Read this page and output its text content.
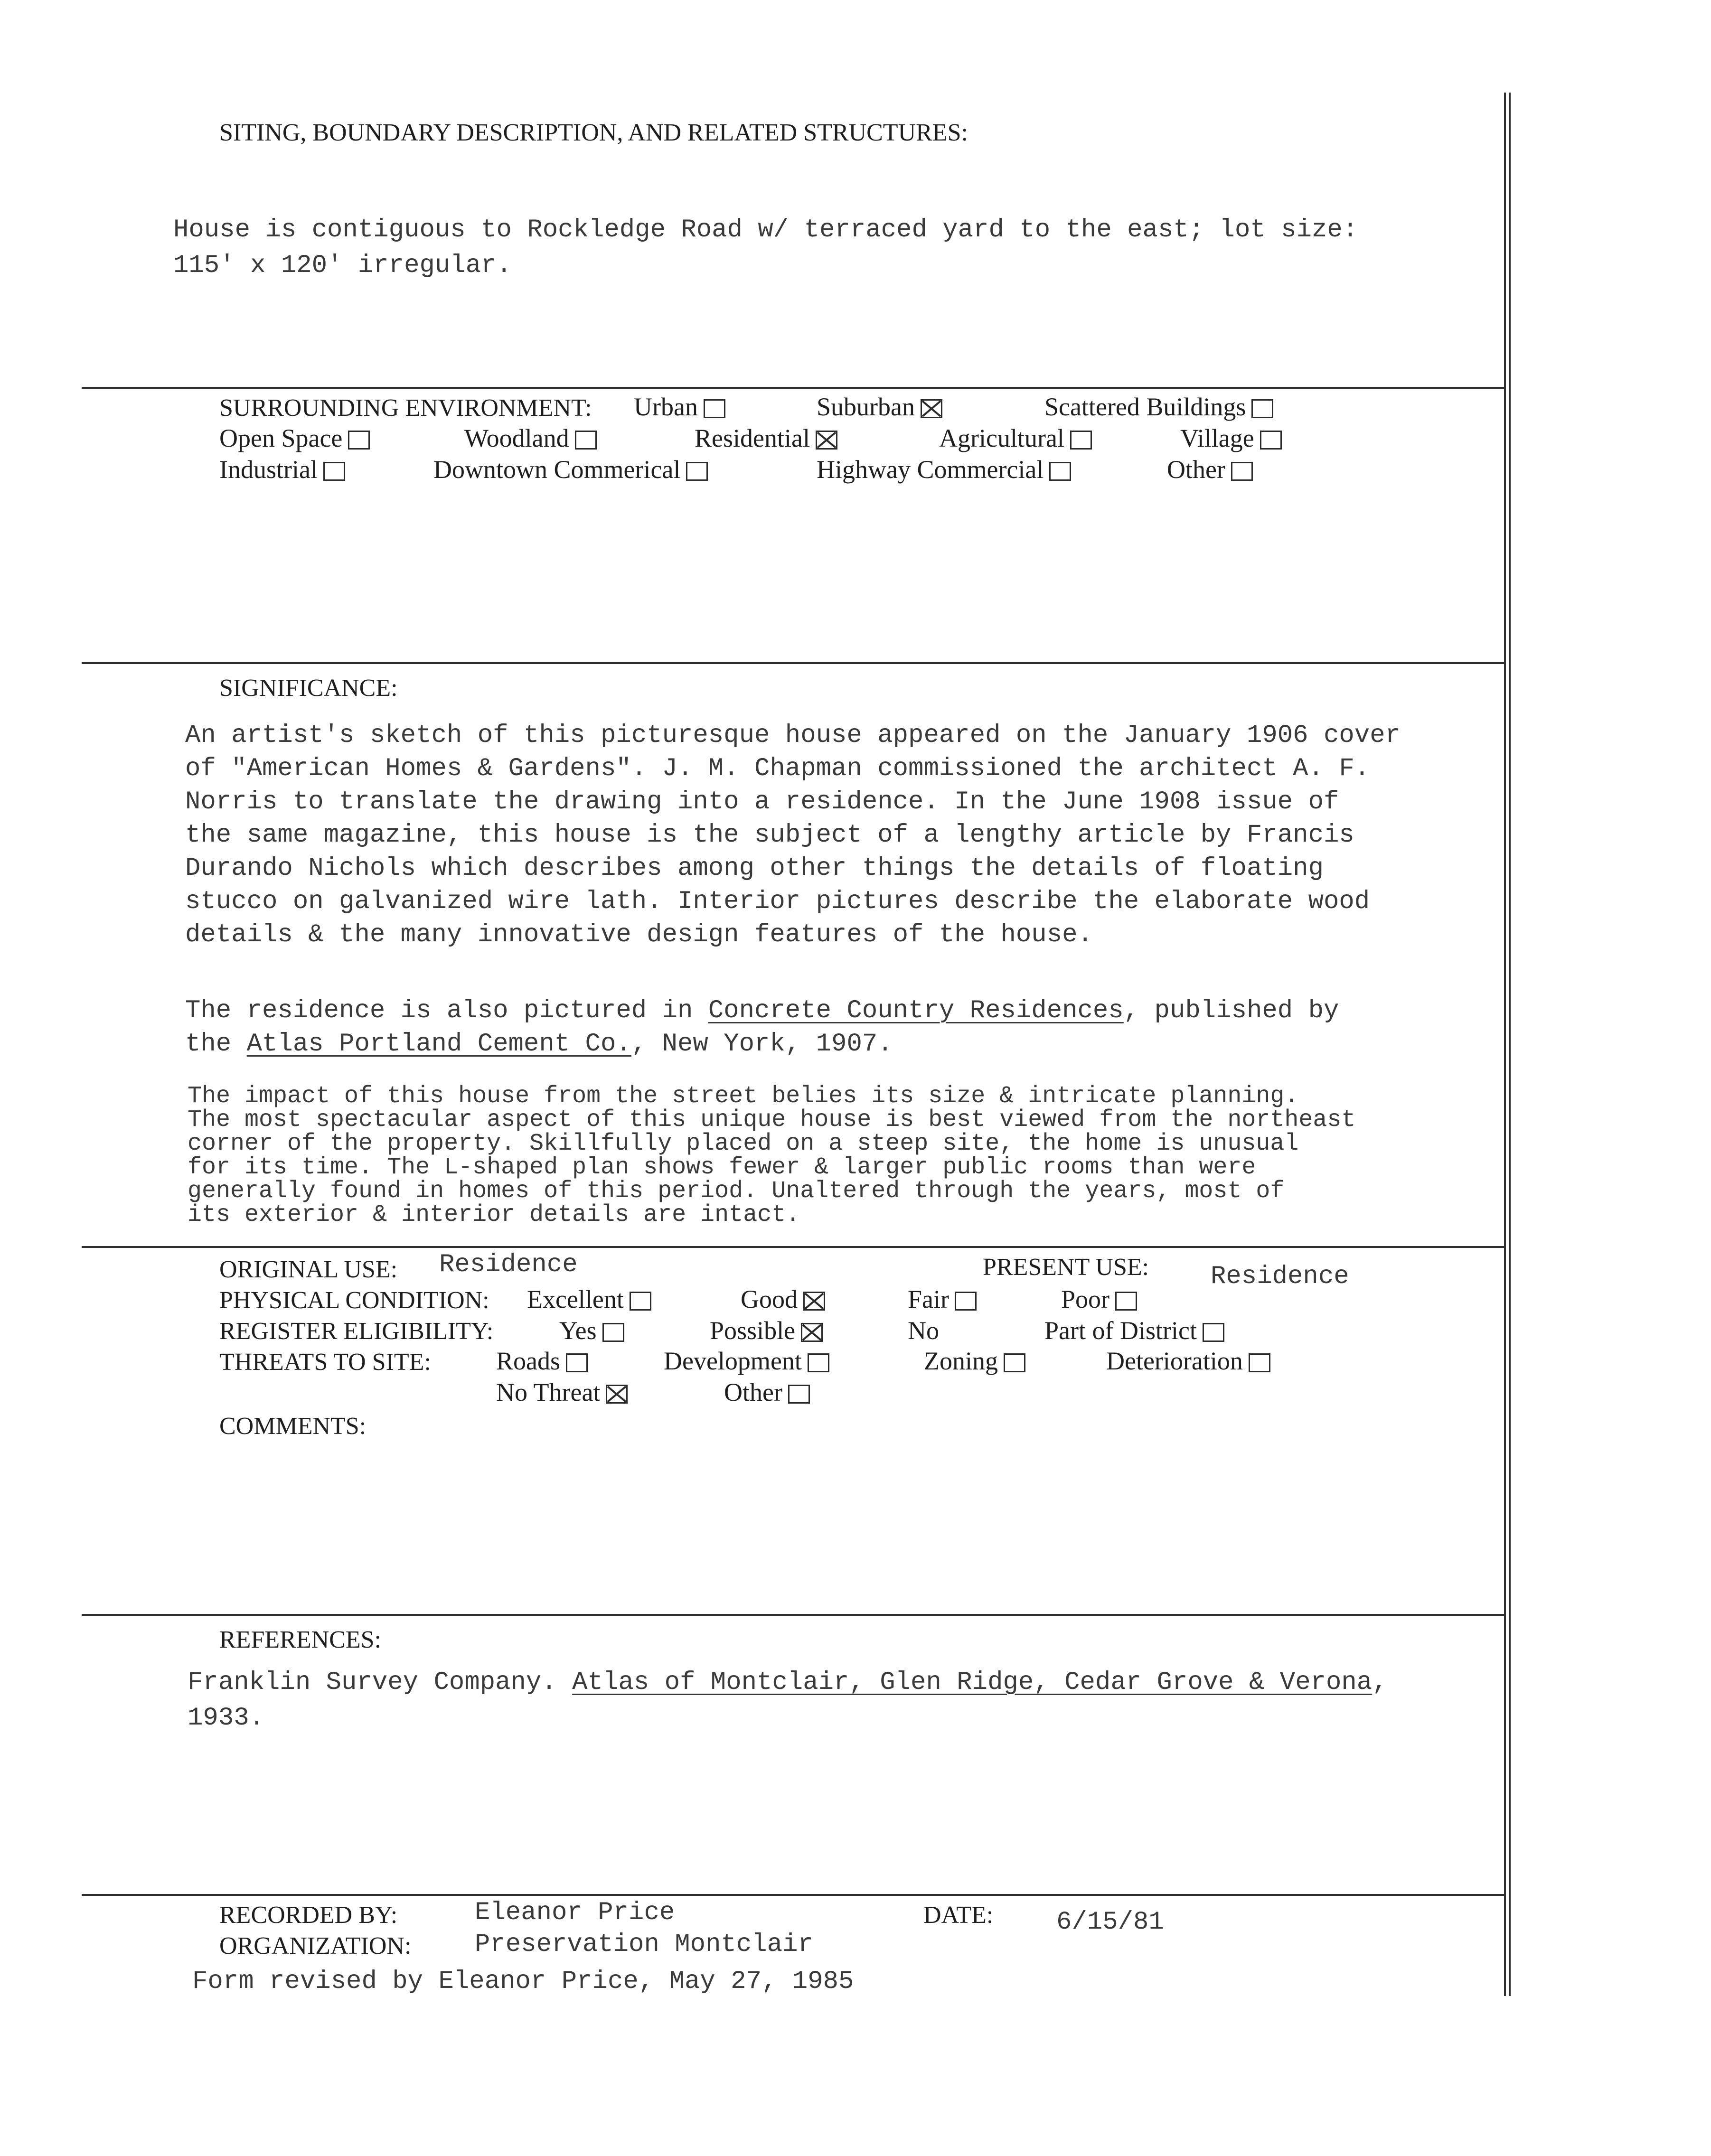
SITING, BOUNDARY DESCRIPTION, AND RELATED STRUCTURES:
House is contiguous to Rockledge Road w/ terraced yard to the east; lot size:
115' x 120' irregular.
SURROUNDING ENVIRONMENT: Urban	Suburban	Scattered Buildings
Open Space	Woodland	Residential	Agricultural	Village
Industrial	Downtown Commerical	Highway Commercial	Other
SIGNIFICANCE:
An artist's sketch of this picturesque house appeared on the January 1906 cover
of "American Homes & Gardens". J. M. Chapman commissioned the architect A. F.
Norris to translate the drawing into a residence. In the June 1908 issue of
the same magazine, this house is the subject of a lengthy article by Francis
Durando Nichols which describes among other things the details of floating
stucco on galvanized wire lath. Interior pictures describe the elaborate wood
details & the many innovative design features of the house.
The residence is also pictured in Concrete Country Residences, published by
the Atlas Portland Cement Co., New York, 1907.
The impact of this house from the street belies its size & intricate planning.
The most spectacular aspect of this unique house is best viewed from the northeast
corner of the property. Skillfully placed on a steep site, the home is unusual
for its time. The L-shaped plan shows fewer & larger public rooms than were
generally found in homes of this period. Unaltered through the years, most of
its exterior & interior details are intact.
ORIGINAL USE: Residence	PRESENT USE: Residence
PHYSICAL CONDITION: Excellent	Good	Fair	Poor
REGISTER ELIGIBILITY:	Yes	Possible	No	Part of District
THREATS TO SITE:	Roads	Development	Zoning	Deterioration
No Threat	Other
COMMENTS:
REFERENCES:
Franklin Survey Company. Atlas of Montclair, Glen Ridge, Cedar Grove & Verona,
1933.
RECORDED BY:	Eleanor Price
ORGANIZATION: Preservation Montclair
DATE: 6/15/81
Form revised by Eleanor Price, May 27, 1985
